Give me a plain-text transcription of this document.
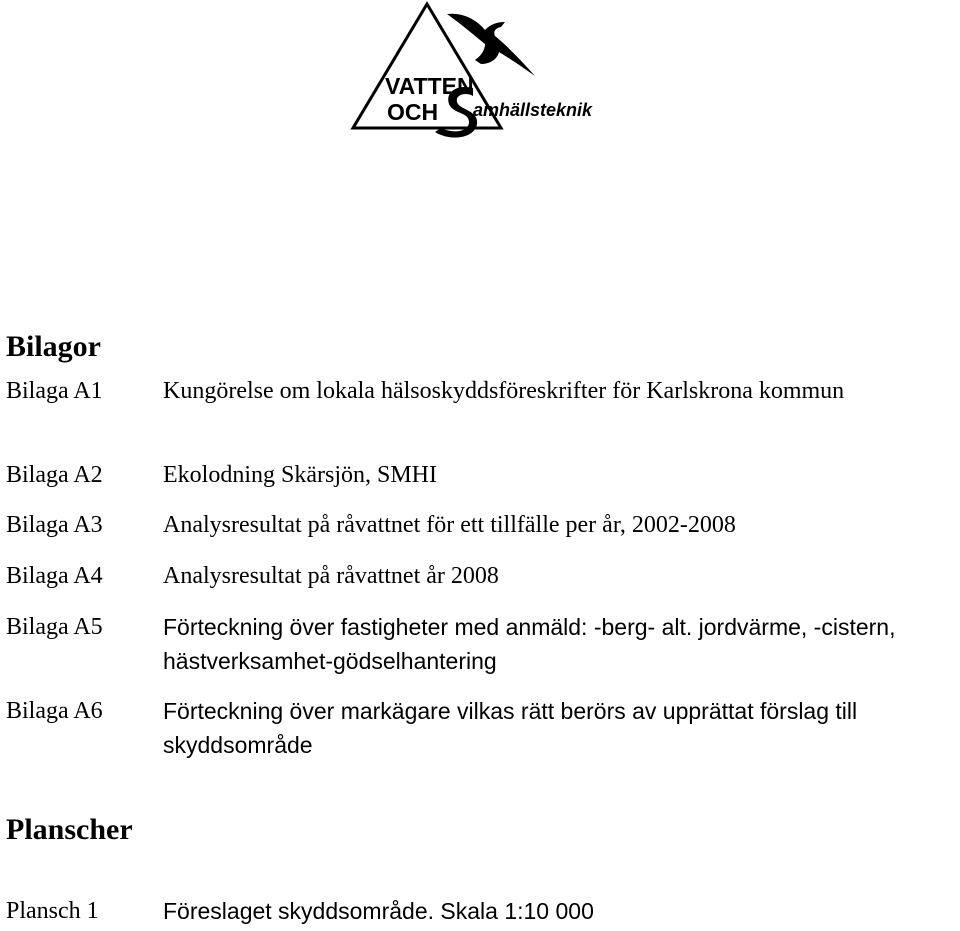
VATTEN
OCH amhällsteknik
Bilagor
Bilaga A1	Kungörelse om lokala hälsoskyddsföreskrifter för Karlskrona kommun
Bilaga A2	Ekolodning Skärsjön, SMHI
Bilaga A3	Analysresultat på råvattnet för ett tillfälle per år, 2002-2008
Bilaga A4	Analysresultat på råvattnet år 2008
Bilaga A5	Förteckning över fastigheter med anmäld: -berg- alt. jordvärme, -cistern, hästverksamhet-gödselhantering
Bilaga A6	Förteckning över markägare vilkas rätt berörs av upprättat förslag till skyddsområde
Planscher
Plansch 1	Föreslaget skyddsområde. Skala 1:10 000
